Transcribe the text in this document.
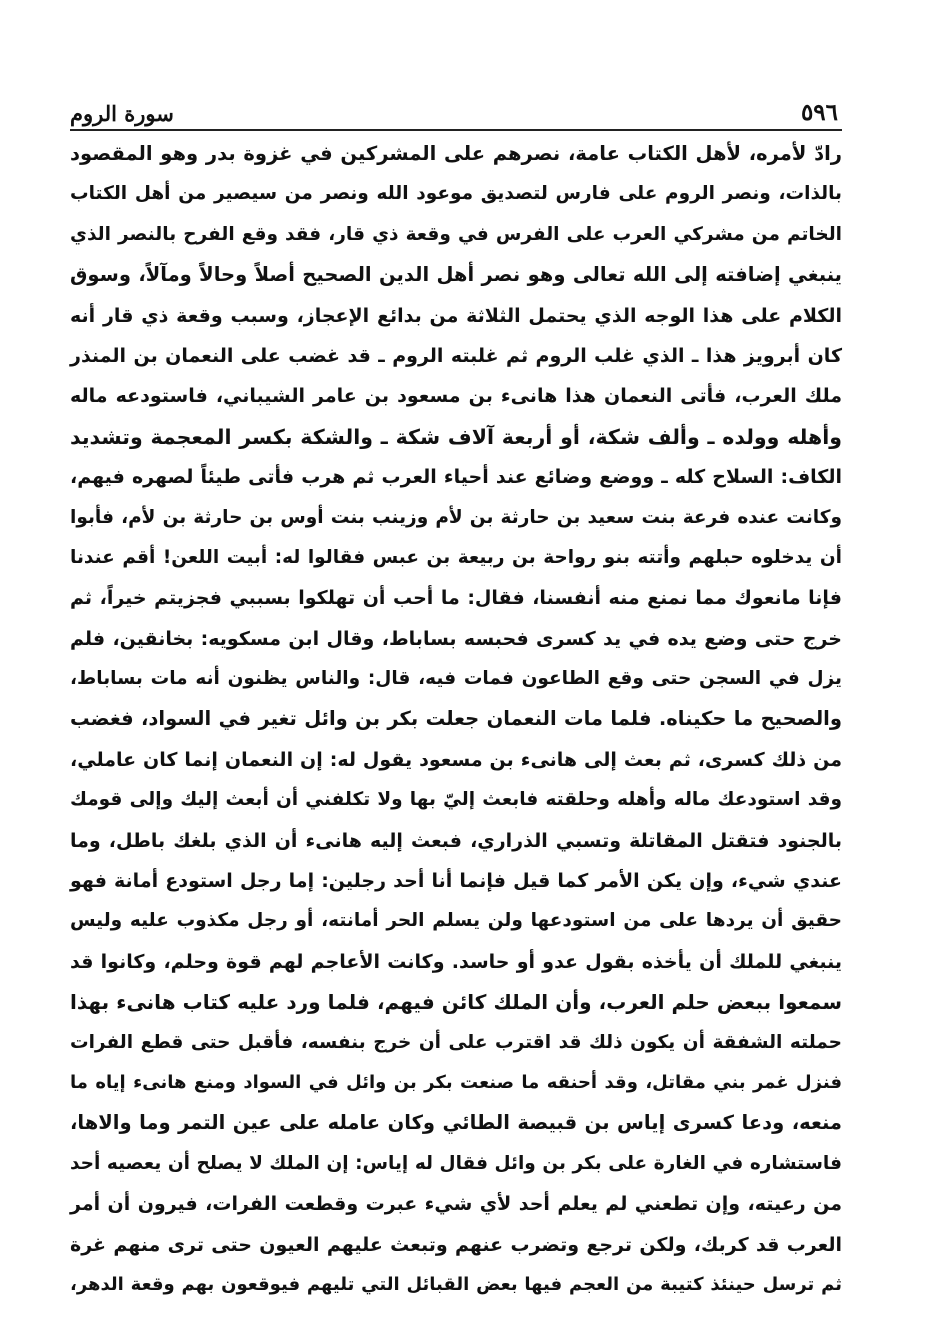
سورة الروم	٥٩٦
رادّ لأمره، لأهل الكتاب عامة، نصرهم على المشركين في غزوة بدر وهو المقصود
بالذات، ونصر الروم على فارس لتصديق موعود الله ونصر من سيصير من أهل الكتاب
الخاتم من مشركي العرب على الفرس في وقعة ذي قار، فقد وقع الفرح بالنصر الذي
ينبغي إضافته إلى الله تعالى وهو نصر أهل الدين الصحيح أصلاً وحالاً ومآلاً، وسوق
الكلام على هذا الوجه الذي يحتمل الثلاثة من بدائع الإعجاز، وسبب وقعة ذي قار أنه
كان أبرويز هذا ـ الذي غلب الروم ثم غلبته الروم ـ قد غضب على النعمان بن المنذر
ملك العرب، فأتى النعمان هذا هانىء بن مسعود بن عامر الشيباني، فاستودعه ماله
وأهله وولده ـ وألف شكة، أو أربعة آلاف شكة ـ والشكة بكسر المعجمة وتشديد
الكاف: السلاح كله ـ ووضع وضائع عند أحياء العرب ثم هرب فأتى طيئاً لصهره فيهم،
وكانت عنده فرعة بنت سعيد بن حارثة بن لأم وزينب بنت أوس بن حارثة بن لأم، فأبوا
أن يدخلوه حبلهم وأتته بنو رواحة بن ربيعة بن عبس فقالوا له: أبيت اللعن! أقم عندنا
فإنا مانعوك مما نمنع منه أنفسنا، فقال: ما أحب أن تهلكوا بسببي فجزيتم خيراً، ثم
خرج حتى وضع يده في يد كسرى فحبسه بساباط، وقال ابن مسكويه: بخانقين، فلم
يزل في السجن حتى وقع الطاعون فمات فيه، قال: والناس يظنون أنه مات بساباط،
والصحيح ما حكيناه. فلما مات النعمان جعلت بكر بن وائل تغير في السواد، فغضب
من ذلك كسرى، ثم بعث إلى هانىء بن مسعود يقول له: إن النعمان إنما كان عاملي،
وقد استودعك ماله وأهله وحلقته فابعث إليّ بها ولا تكلفني أن أبعث إليك وإلى قومك
بالجنود فتقتل المقاتلة وتسبي الذراري، فبعث إليه هانىء أن الذي بلغك باطل، وما
عندي شيء، وإن يكن الأمر كما قيل فإنما أنا أحد رجلين: إما رجل استودع أمانة فهو
حقيق أن يردها على من استودعها ولن يسلم الحر أمانته، أو رجل مكذوب عليه وليس
ينبغي للملك أن يأخذه بقول عدو أو حاسد. وكانت الأعاجم لهم قوة وحلم، وكانوا قد
سمعوا ببعض حلم العرب، وأن الملك كائن فيهم، فلما ورد عليه كتاب هانىء بهذا
حملته الشفقة أن يكون ذلك قد اقترب على أن خرج بنفسه، فأقبل حتى قطع الفرات
فنزل غمر بني مقاتل، وقد أحنقه ما صنعت بكر بن وائل في السواد ومنع هانىء إياه ما
منعه، ودعا كسرى إياس بن قبيصة الطائي وكان عامله على عين التمر وما والاها،
فاستشاره في الغارة على بكر بن وائل فقال له إياس: إن الملك لا يصلح أن يعصيه أحد
من رعيته، وإن تطعني لم يعلم أحد لأي شيء عبرت وقطعت الفرات، فيرون أن أمر
العرب قد كربك، ولكن ترجع وتضرب عنهم وتبعث عليهم العيون حتى ترى منهم غرة
ثم ترسل حينئذ كتيبة من العجم فيها بعض القبائل التي تليهم فيوقعون بهم وقعة الدهر،
